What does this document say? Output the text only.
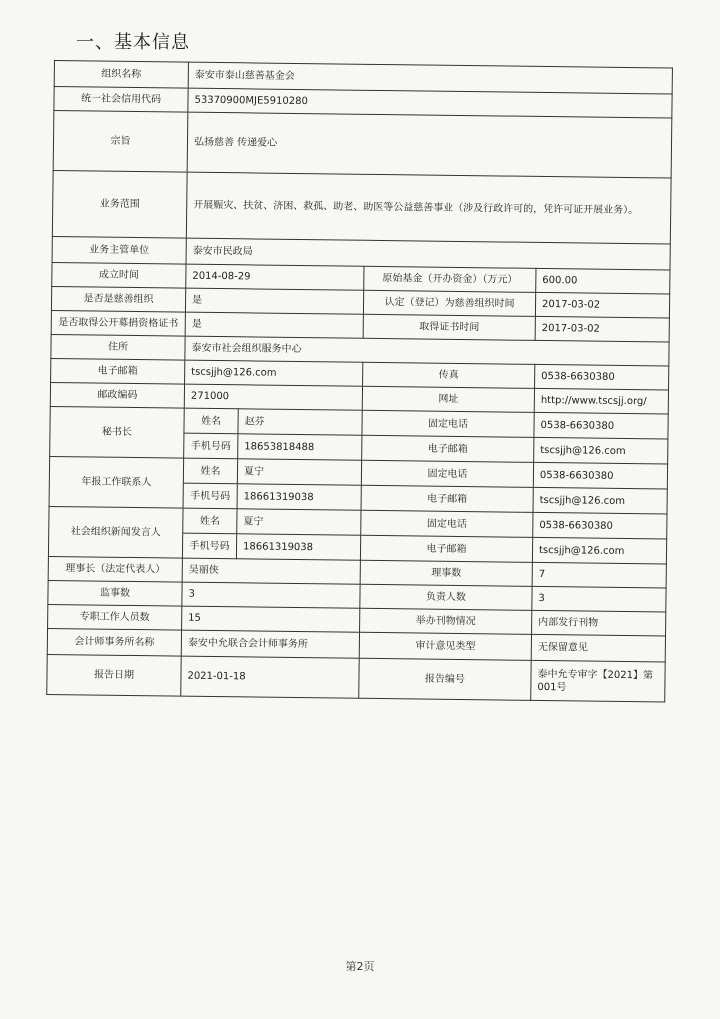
一、基本信息
组织名称	泰安市泰山慈善基金会			
统一社会信用代码	53370900MJE5910280			
宗旨	弘扬慈善 传递爱心			
业务范围	开展赈灾、扶贫、济困、救孤、助老、助医等公益慈善事业（涉及行政许可的，凭许可证开展业务）。			
业务主管单位	泰安市民政局			
成立时间	2014-08-29		原始基金（开办资金）（万元）	600.00
是否是慈善组织	是		认定（登记）为慈善组织时间	2017-03-02
是否取得公开募捐资格证书	是		取得证书时间	2017-03-02
住所	泰安市社会组织服务中心			
电子邮箱	tscsjjh@126.com		传真	0538-6630380
邮政编码	271000		网址	http://www.tscsjj.org/
秘书长	姓名	赵芬	固定电话	0538-6630380
	手机号码	18653818488	电子邮箱	tscsjjh@126.com
年报工作联系人	姓名	夏宁	固定电话	0538-6630380
	手机号码	18661319038	电子邮箱	tscsjjh@126.com
社会组织新闻发言人	姓名	夏宁	固定电话	0538-6630380
	手机号码	18661319038	电子邮箱	tscsjjh@126.com
理事长（法定代表人）	吴丽侠		理事数	7
监事数	3		负责人数	3
专职工作人员数	15		举办刊物情况	内部发行刊物
会计师事务所名称	泰安中允联合会计师事务所		审计意见类型	无保留意见
报告日期	2021-01-18		报告编号	泰中允专审字【2021】第001号
第2页
